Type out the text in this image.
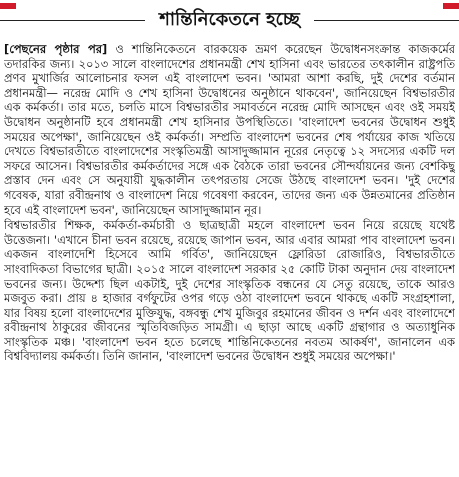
শান্তিনিকেতনে হচ্ছে

[পেছনের পৃষ্ঠার পর] ও শান্তিনিকেতনে বারকয়েক ভ্রমণ করেছেন উদ্বোধনসংক্রান্ত কাজকর্মের তদারকির জন্য। ২০১৩ সালে বাংলাদেশের প্রধানমন্ত্রী শেখ হাসিনা এবং ভারতের তৎকালীন রাষ্ট্রপতি প্রণব মুখার্জির আলোচনার ফসল এই বাংলাদেশ ভবন। 'আমরা আশা করছি, দুই দেশের বর্তমান প্রধানমন্ত্রী— নরেন্দ্র মোদি ও শেখ হাসিনা উদ্বোধনের অনুষ্ঠানে থাকবেন', জানিয়েছেন বিশ্বভারতীর এক কর্মকর্তা। তার মতে, চলতি মাসে বিশ্বভারতীর সমাবর্তনে নরেন্দ্র মোদি আসছেন এবং ওই সময়ই উদ্বোধন অনুষ্ঠানটি হবে প্রধানমন্ত্রী শেখ হাসিনার উপস্থিতিতে। 'বাংলাদেশ ভবনের উদ্বোধন শুধুই সময়ের অপেক্ষা', জানিয়েছেন ওই কর্মকর্তা। সম্প্রতি বাংলাদেশ ভবনের শেষ পর্যায়ের কাজ খতিয়ে দেখতে বিশ্বভারতীতে বাংলাদেশের সংস্কৃতিমন্ত্রী আসাদুজ্জামান নূরের নেতৃত্বে ১২ সদস্যের একটি দল সফরে আসেন। বিশ্বভারতীর কর্মকর্তাদের সঙ্গে এক বৈঠকে তারা ভবনের সৌন্দর্যায়নের জন্য বেশকিছু প্রস্তাব দেন এবং সে অনুযায়ী যুদ্ধকালীন তৎপরতায় সেজে উঠছে বাংলাদেশ ভবন। 'দুই দেশের গবেষক, যারা রবীন্দ্রনাথ ও বাংলাদেশ নিয়ে গবেষণা করবেন, তাদের জন্য এক উন্নতমানের প্রতিষ্ঠান হবে এই বাংলাদেশ ভবন', জানিয়েছেন আসাদুজ্জামান নূর।

বিশ্বভারতীর শিক্ষক, কর্মকর্তা-কর্মচারী ও ছাত্রছাত্রী মহলে বাংলাদেশ ভবন নিয়ে রয়েছে যথেষ্ট উত্তেজনা। 'এখানে চীনা ভবন রয়েছে, রয়েছে জাপান ভবন, আর এবার আমরা পাব বাংলাদেশ ভবন। একজন বাংলাদেশি হিসেবে আমি গর্বিত', জানিয়েছেন ফ্লোরিডা রোজারিও, বিশ্বভারতীতে সাংবাদিকতা বিভাগের ছাত্রী। ২০১৫ সালে বাংলাদেশ সরকার ২৫ কোটি টাকা অনুদান দেয় বাংলাদেশ ভবনের জন্য। উদ্দেশ্য ছিল একটাই, দুই দেশের সাংস্কৃতিক বন্ধনের যে সেতু রয়েছে, তাকে আরও মজবুত করা। প্রায় ৪ হাজার বর্গফুটের ওপর গড়ে ওঠা বাংলাদেশ ভবনে থাকছে একটি সংগ্রহশালা, যার বিষয় হলো বাংলাদেশের মুক্তিযুদ্ধ, বঙ্গবন্ধু শেখ মুজিবুর রহমানের জীবন ও দর্শন এবং বাংলাদেশে রবীন্দ্রনাথ ঠাকুরের জীবনের স্মৃতিবিজড়িত সামগ্রী। এ ছাড়া আছে একটি গ্রন্থাগার ও অত্যাধুনিক সাংস্কৃতিক মঞ্চ। 'বাংলাদেশ ভবন হতে চলেছে শান্তিনিকেতনের নবতম আকর্ষণ', জানালেন এক বিশ্ববিদ্যালয় কর্মকর্তা। তিনি জানান, 'বাংলাদেশ ভবনের উদ্বোধন শুধুই সময়ের অপেক্ষা।'
